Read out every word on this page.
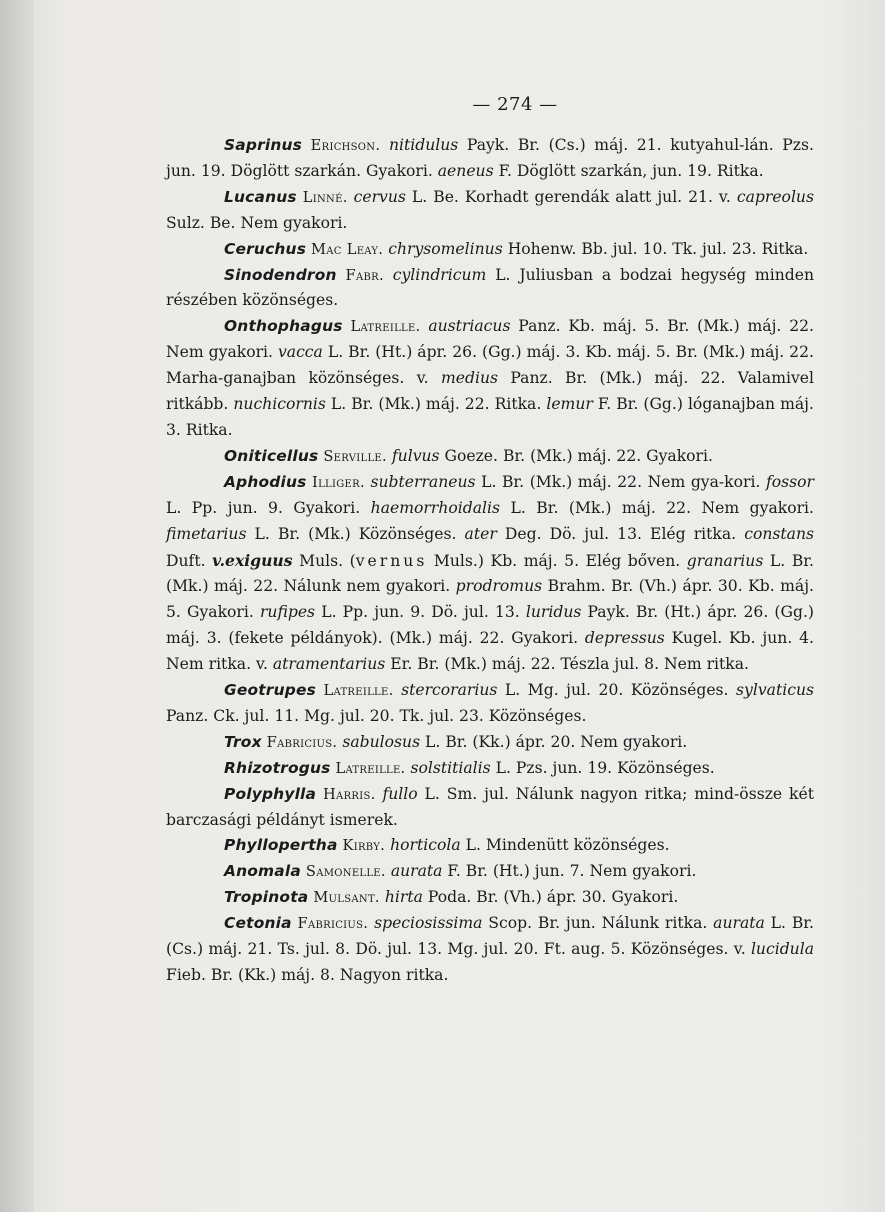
— 274 —

Saprinus Erichson. nitidulus Payk. Br. (Cs.) máj. 21. kutyahul-lán. Pzs. jun. 19. Döglött szarkán. Gyakori. aeneus F. Döglött szarkán, jun. 19. Ritka.

Lucanus Linné. cervus L. Be. Korhadt gerendák alatt jul. 21. v. capreolus Sulz. Be. Nem gyakori.

Ceruchus Mac Leay. chrysomelinus Hohenw. Bb. jul. 10. Tk. jul. 23. Ritka.

Sinodendron Fabr. cylindricum L. Juliusban a bodzai hegység minden részében közönséges.

Onthophagus Latreille. austriacus Panz. Kb. máj. 5. Br. (Mk.) máj. 22. Nem gyakori. vacca L. Br. (Ht.) ápr. 26. (Gg.) máj. 3. Kb. máj. 5. Br. (Mk.) máj. 22. Marha-ganajban közönséges. v. medius Panz. Br. (Mk.) máj. 22. Valamivel ritkább. nuchicornis L. Br. (Mk.) máj. 22. Ritka. lemur F. Br. (Gg.) lóganajban máj. 3. Ritka.

Oniticellus Serville. fulvus Goeze. Br. (Mk.) máj. 22. Gyakori.

Aphodius Illiger. subterraneus L. Br. (Mk.) máj. 22. Nem gya-kori. fossor L. Pp. jun. 9. Gyakori. haemorrhoidalis L. Br. (Mk.) máj. 22. Nem gyakori. fimetarius L. Br. (Mk.) Közönséges. ater Deg. Dö. jul. 13. Elég ritka. constans Duft. v.exiguus Muls. (vernus Muls.) Kb. máj. 5. Elég bőven. granarius L. Br. (Mk.) máj. 22. Nálunk nem gyakori. prodromus Brahm. Br. (Vh.) ápr. 30. Kb. máj. 5. Gyakori. rufipes L. Pp. jun. 9. Dö. jul. 13. luridus Payk. Br. (Ht.) ápr. 26. (Gg.) máj. 3. (fekete példányok). (Mk.) máj. 22. Gyakori. depressus Kugel. Kb. jun. 4. Nem ritka. v. atramentarius Er. Br. (Mk.) máj. 22. Tészla jul. 8. Nem ritka.

Geotrupes Latreille. stercorarius L. Mg. jul. 20. Közönséges. sylvaticus Panz. Ck. jul. 11. Mg. jul. 20. Tk. jul. 23. Közönséges.

Trox Fabricius. sabulosus L. Br. (Kk.) ápr. 20. Nem gyakori.

Rhizotrogus Latreille. solstitialis L. Pzs. jun. 19. Közönséges.

Polyphylla Harris. fullo L. Sm. jul. Nálunk nagyon ritka; mind-össze két barczasági példányt ismerek.

Phyllopertha Kirby. horticola L. Mindenütt közönséges.

Anomala Samonelle. aurata F. Br. (Ht.) jun. 7. Nem gyakori.

Tropinota Mulsant. hirta Poda. Br. (Vh.) ápr. 30. Gyakori.

Cetonia Fabricius. speciosissima Scop. Br. jun. Nálunk ritka. aurata L. Br. (Cs.) máj. 21. Ts. jul. 8. Dö. jul. 13. Mg. jul. 20. Ft. aug. 5. Közönséges. v. lucidula Fieb. Br. (Kk.) máj. 8. Nagyon ritka.
